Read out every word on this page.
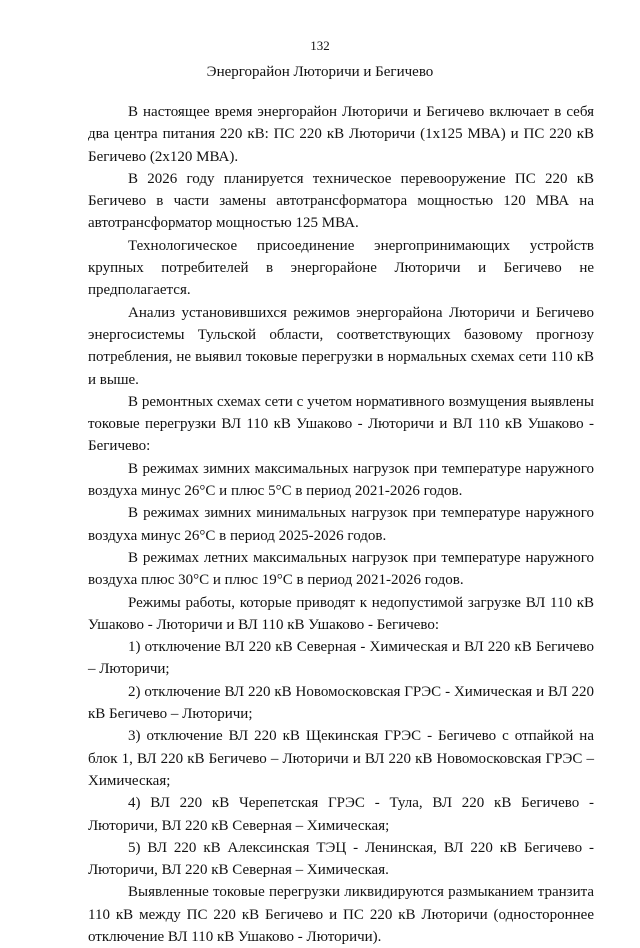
132
Энергорайон Лютоpичи и Бегичево

В настоящее время энергорайон Лютоpичи и Бегичево включает в себя два центра питания 220 кВ: ПС 220 кВ Лютоpичи (1х125 МВА) и ПС 220 кВ Бегичево (2х120 МВА).

В 2026 году планируется техническое перевооружение ПС 220 кВ Бегичево в части замены автотрансформатора мощностью 120 МВА на автотрансформатор мощностью 125 МВА.

Технологическое присоединение энергопринимающих устройств крупных потребителей в энергорайоне Лютоpичи и Бегичево не предполагается.

Анализ установившихся режимов энергорайона Лютоpичи и Бегичево энергосистемы Тульской области, соответствующих базовому прогнозу потребления, не выявил токовые перегрузки в нормальных схемах сети 110 кВ и выше.

В ремонтных схемах сети с учетом нормативного возмущения выявлены токовые перегрузки ВЛ 110 кВ Ушаково - Лютоpичи и ВЛ 110 кВ Ушаково - Бегичево:

В режимах зимних максимальных нагрузок при температуре наружного воздуха минус 26°С и плюс 5°С в период 2021-2026 годов.

В режимах зимних минимальных нагрузок при температуре наружного воздуха минус 26°С в период 2025-2026 годов.

В режимах летних максимальных нагрузок при температуре наружного воздуха плюс 30°С и плюс 19°С в период 2021-2026 годов.

Режимы работы, которые приводят к недопустимой загрузке ВЛ 110 кВ Ушаково - Лютоpичи и ВЛ 110 кВ Ушаково - Бегичево:

1) отключение ВЛ 220 кВ Северная - Химическая и ВЛ 220 кВ Бегичево – Лютоpичи;

2) отключение ВЛ 220 кВ Новомосковская ГРЭС - Химическая и ВЛ 220 кВ Бегичево – Лютоpичи;

3) отключение ВЛ 220 кВ Щекинская ГРЭС - Бегичево с отпайкой на блок 1, ВЛ 220 кВ Бегичево – Лютоpичи и ВЛ 220 кВ Новомосковская ГРЭС – Химическая;

4) ВЛ 220 кВ Черепетская ГРЭС - Тула, ВЛ 220 кВ Бегичево - Лютоpичи, ВЛ 220 кВ Северная – Химическая;

5) ВЛ 220 кВ Алексинская ТЭЦ - Ленинская, ВЛ 220 кВ Бегичево - Лютоpичи, ВЛ 220 кВ Северная – Химическая.

Выявленные токовые перегрузки ликвидируются размыканием транзита 110 кВ между ПС 220 кВ Бегичево и ПС 220 кВ Лютоpичи (одностороннее отключение ВЛ 110 кВ Ушаково - Лютоpичи).
